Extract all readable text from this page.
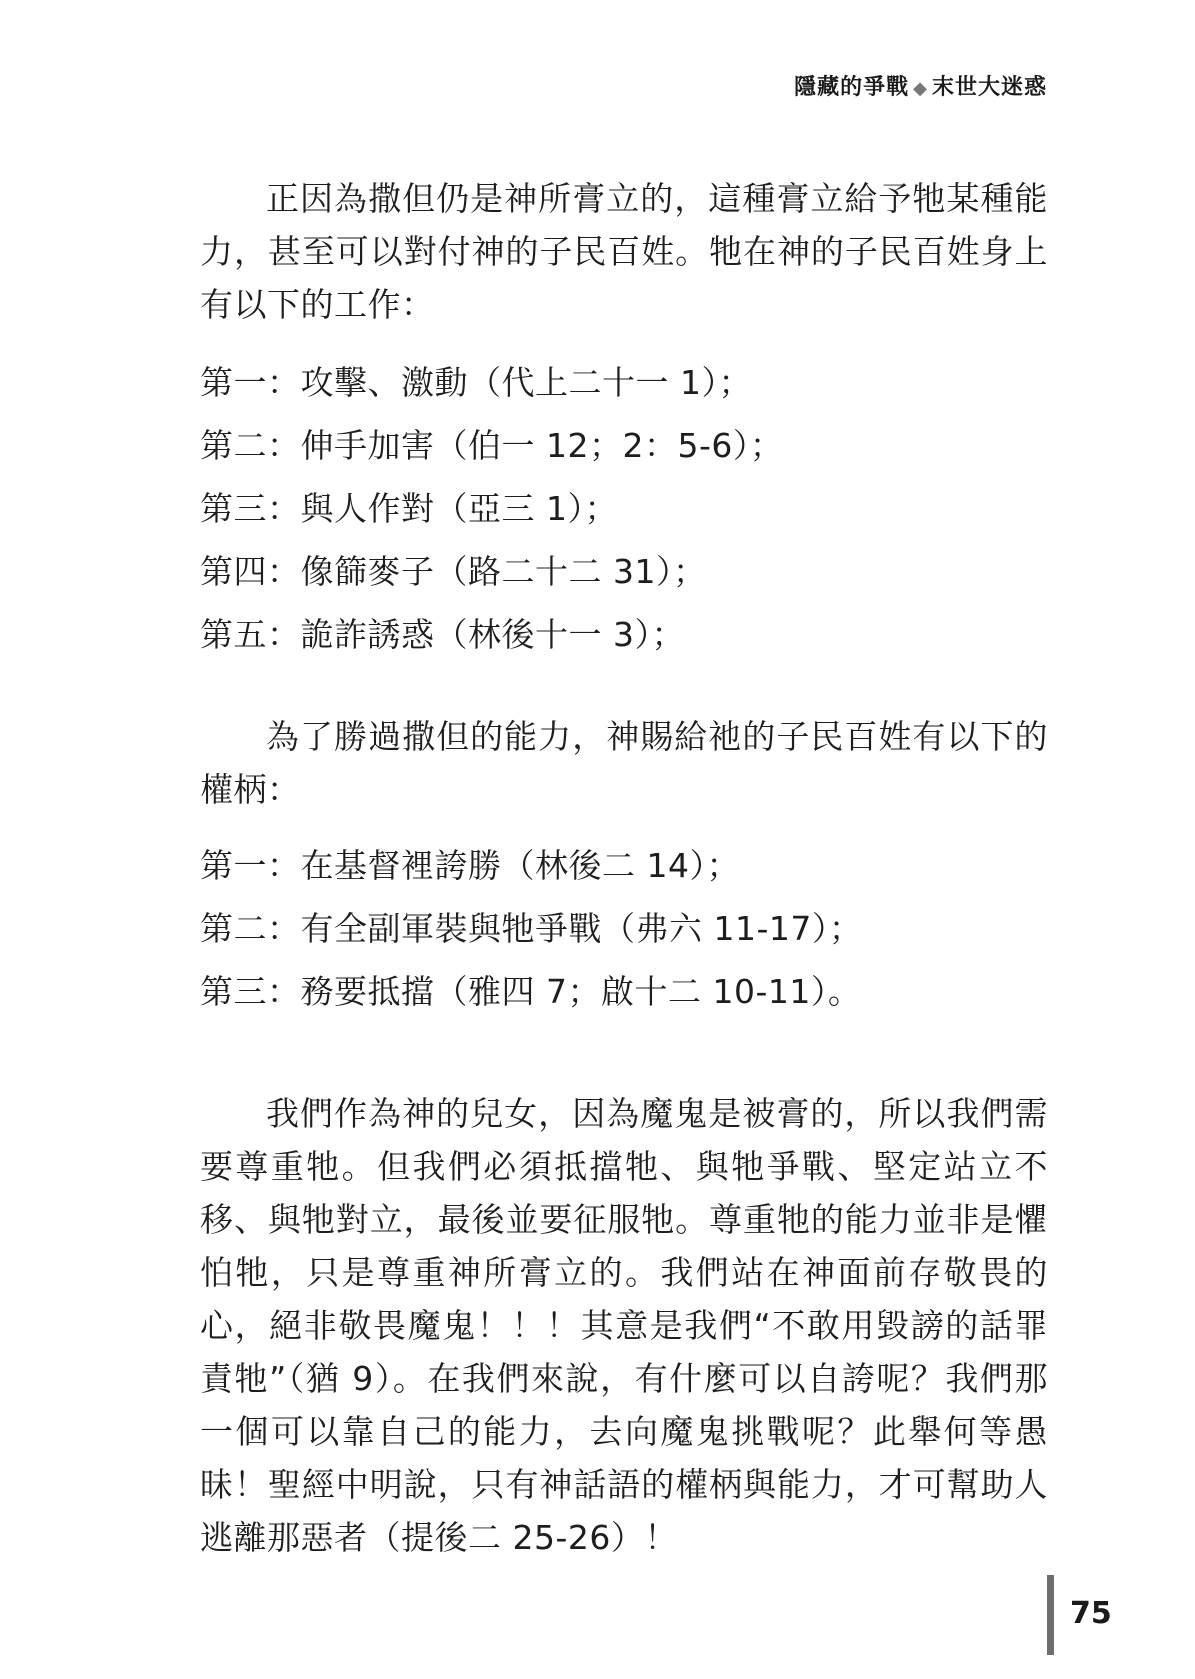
隱藏的爭戰 ◆ 末世大迷惑

正因為撒但仍是神所膏立的，這種膏立給予牠某種能力，甚至可以對付神的子民百姓。牠在神的子民百姓身上有以下的工作：

第一：攻擊、激動（代上二十一 1）；
第二：伸手加害（伯一 12；2：5-6）；
第三：與人作對（亞三 1）；
第四：像篩麥子（路二十二 31）；
第五：詭詐誘惑（林後十一 3）；

為了勝過撒但的能力，神賜給祂的子民百姓有以下的權柄：

第一：在基督裡誇勝（林後二 14）；
第二：有全副軍裝與牠爭戰（弗六 11-17）；
第三：務要抵擋（雅四 7；啟十二 10-11）。

我們作為神的兒女，因為魔鬼是被膏的，所以我們需要尊重牠。但我們必須抵擋牠、與牠爭戰、堅定站立不移、與牠對立，最後並要征服牠。尊重牠的能力並非是懼怕牠，只是尊重神所膏立的。我們站在神面前存敬畏的心，絕非敬畏魔鬼！！！其意是我們“不敢用毀謗的話罪責牠”（猶 9）。在我們來說，有什麼可以自誇呢？我們那一個可以靠自己的能力，去向魔鬼挑戰呢？此舉何等愚昧！聖經中明說，只有神話語的權柄與能力，才可幫助人逃離那惡者（提後二 25-26）！

75
